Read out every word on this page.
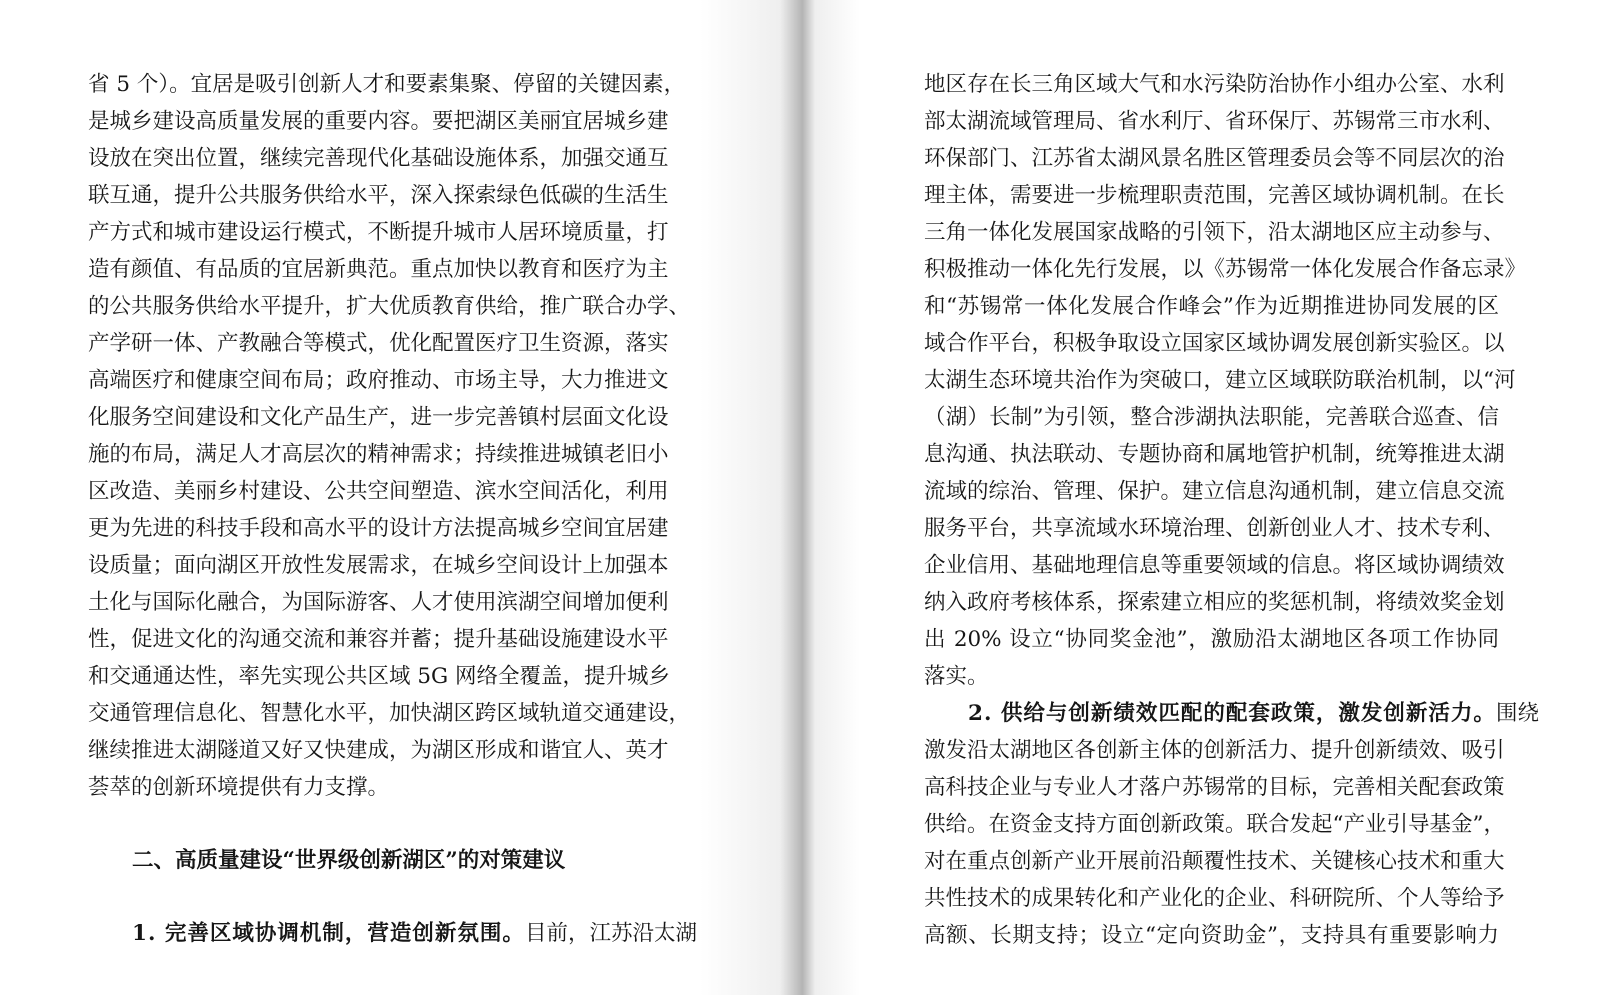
省 5 个）。宜居是吸引创新人才和要素集聚、停留的关键因素，
是城乡建设高质量发展的重要内容。要把湖区美丽宜居城乡建
设放在突出位置，继续完善现代化基础设施体系，加强交通互
联互通，提升公共服务供给水平，深入探索绿色低碳的生活生
产方式和城市建设运行模式，不断提升城市人居环境质量，打
造有颜值、有品质的宜居新典范。重点加快以教育和医疗为主
的公共服务供给水平提升，扩大优质教育供给，推广联合办学、
产学研一体、产教融合等模式，优化配置医疗卫生资源，落实
高端医疗和健康空间布局；政府推动、市场主导，大力推进文
化服务空间建设和文化产品生产，进一步完善镇村层面文化设
施的布局，满足人才高层次的精神需求；持续推进城镇老旧小
区改造、美丽乡村建设、公共空间塑造、滨水空间活化，利用
更为先进的科技手段和高水平的设计方法提高城乡空间宜居建
设质量；面向湖区开放性发展需求，在城乡空间设计上加强本
土化与国际化融合，为国际游客、人才使用滨湖空间增加便利
性，促进文化的沟通交流和兼容并蓄；提升基础设施建设水平
和交通通达性，率先实现公共区域 5G 网络全覆盖，提升城乡
交通管理信息化、智慧化水平，加快湖区跨区域轨道交通建设，
继续推进太湖隧道又好又快建成，为湖区形成和谐宜人、英才
荟萃的创新环境提供有力支撑。
二、高质量建设“世界级创新湖区”的对策建议
1. 完善区域协调机制，营造创新氛围。目前，江苏沿太湖
地区存在长三角区域大气和水污染防治协作小组办公室、水利
部太湖流域管理局、省水利厅、省环保厅、苏锡常三市水利、
环保部门、江苏省太湖风景名胜区管理委员会等不同层次的治
理主体，需要进一步梳理职责范围，完善区域协调机制。在长
三角一体化发展国家战略的引领下，沿太湖地区应主动参与、
积极推动一体化先行发展，以《苏锡常一体化发展合作备忘录》
和“苏锡常一体化发展合作峰会”作为近期推进协同发展的区
域合作平台，积极争取设立国家区域协调发展创新实验区。以
太湖生态环境共治作为突破口，建立区域联防联治机制，以“河
（湖）长制”为引领，整合涉湖执法职能，完善联合巡查、信
息沟通、执法联动、专题协商和属地管护机制，统筹推进太湖
流域的综治、管理、保护。建立信息沟通机制，建立信息交流
服务平台，共享流域水环境治理、创新创业人才、技术专利、
企业信用、基础地理信息等重要领域的信息。将区域协调绩效
纳入政府考核体系，探索建立相应的奖惩机制，将绩效奖金划
出 20% 设立“协同奖金池”，激励沿太湖地区各项工作协同
落实。
2. 供给与创新绩效匹配的配套政策，激发创新活力。围绕
激发沿太湖地区各创新主体的创新活力、提升创新绩效、吸引
高科技企业与专业人才落户苏锡常的目标，完善相关配套政策
供给。在资金支持方面创新政策。联合发起“产业引导基金”，
对在重点创新产业开展前沿颠覆性技术、关键核心技术和重大
共性技术的成果转化和产业化的企业、科研院所、个人等给予
高额、长期支持；设立“定向资助金”，支持具有重要影响力
